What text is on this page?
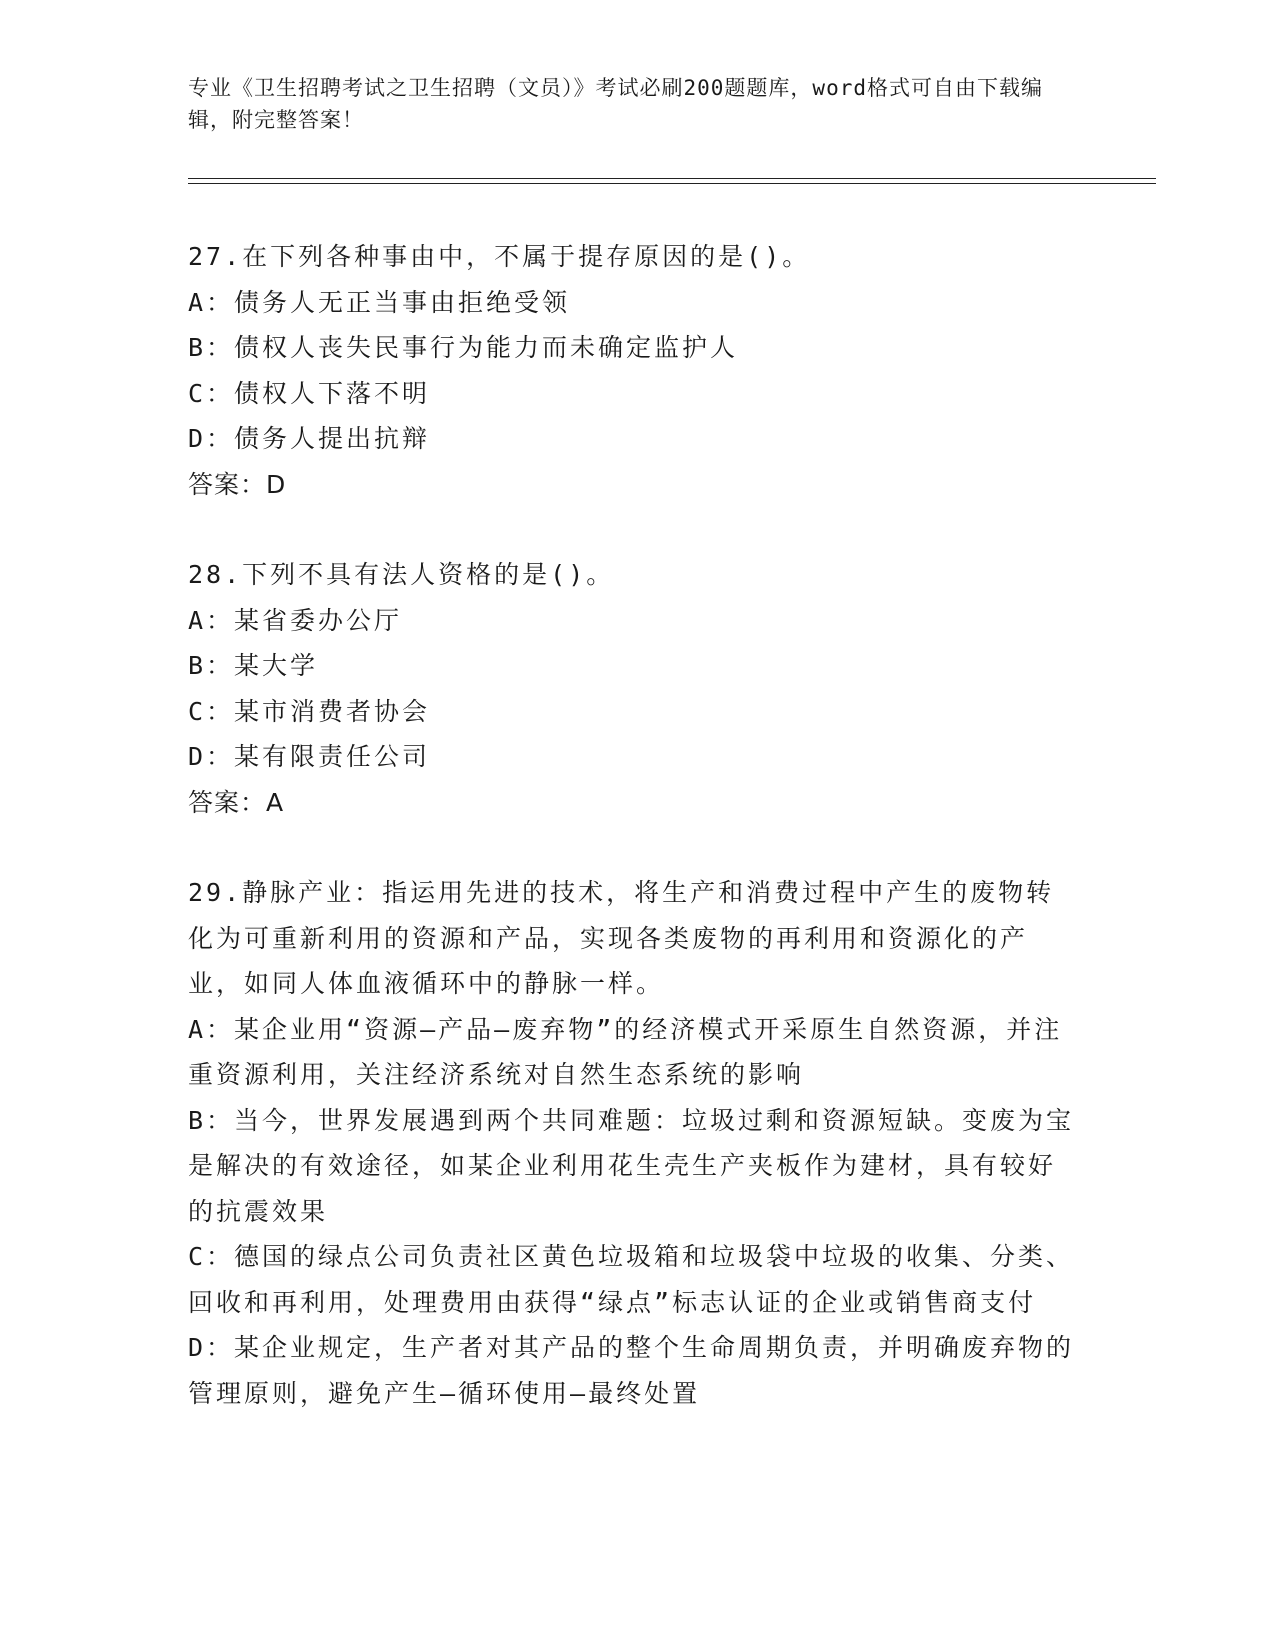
专业《卫生招聘考试之卫生招聘（文员）》考试必刷200题题库，word格式可自由下载编辑，附完整答案！

27.在下列各种事由中，不属于提存原因的是()。

A：债务人无正当事由拒绝受领

B：债权人丧失民事行为能力而未确定监护人

C：债权人下落不明

D：债务人提出抗辩

答案：D

28.下列不具有法人资格的是()。

A：某省委办公厅

B：某大学

C：某市消费者协会

D：某有限责任公司

答案：A

29.静脉产业：指运用先进的技术，将生产和消费过程中产生的废物转化为可重新利用的资源和产品，实现各类废物的再利用和资源化的产业，如同人体血液循环中的静脉一样。

A：某企业用“资源—产品—废弃物”的经济模式开采原生自然资源，并注重资源利用，关注经济系统对自然生态系统的影响

B：当今，世界发展遇到两个共同难题：垃圾过剩和资源短缺。变废为宝是解决的有效途径，如某企业利用花生壳生产夹板作为建材，具有较好的抗震效果

C：德国的绿点公司负责社区黄色垃圾箱和垃圾袋中垃圾的收集、分类、回收和再利用，处理费用由获得“绿点”标志认证的企业或销售商支付

D：某企业规定，生产者对其产品的整个生命周期负责，并明确废弃物的管理原则，避免产生—循环使用—最终处置
